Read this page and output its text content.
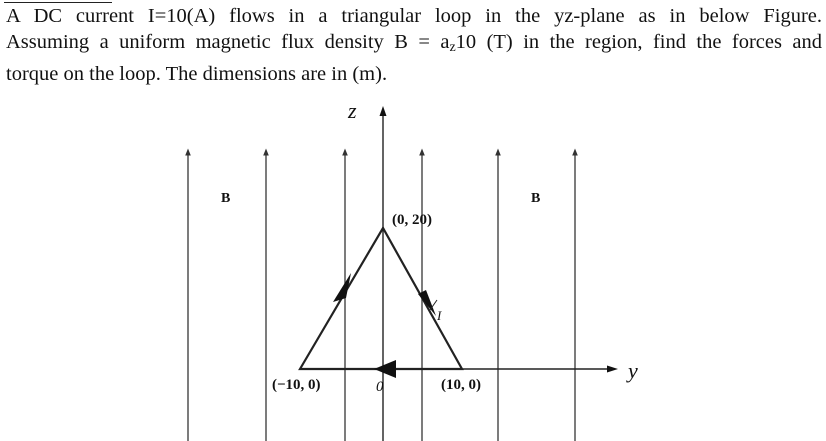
A DC current I=10(A) flows in a triangular loop in the yz-plane as in below Figure.
Assuming a uniform magnetic flux density $B = a_z10$ (T) in the region, find the forces and
torque on the loop. The dimensions are in (m).
z
y
B	B
I
(0, 20)
(−10, 0)	(10, 0)
0
